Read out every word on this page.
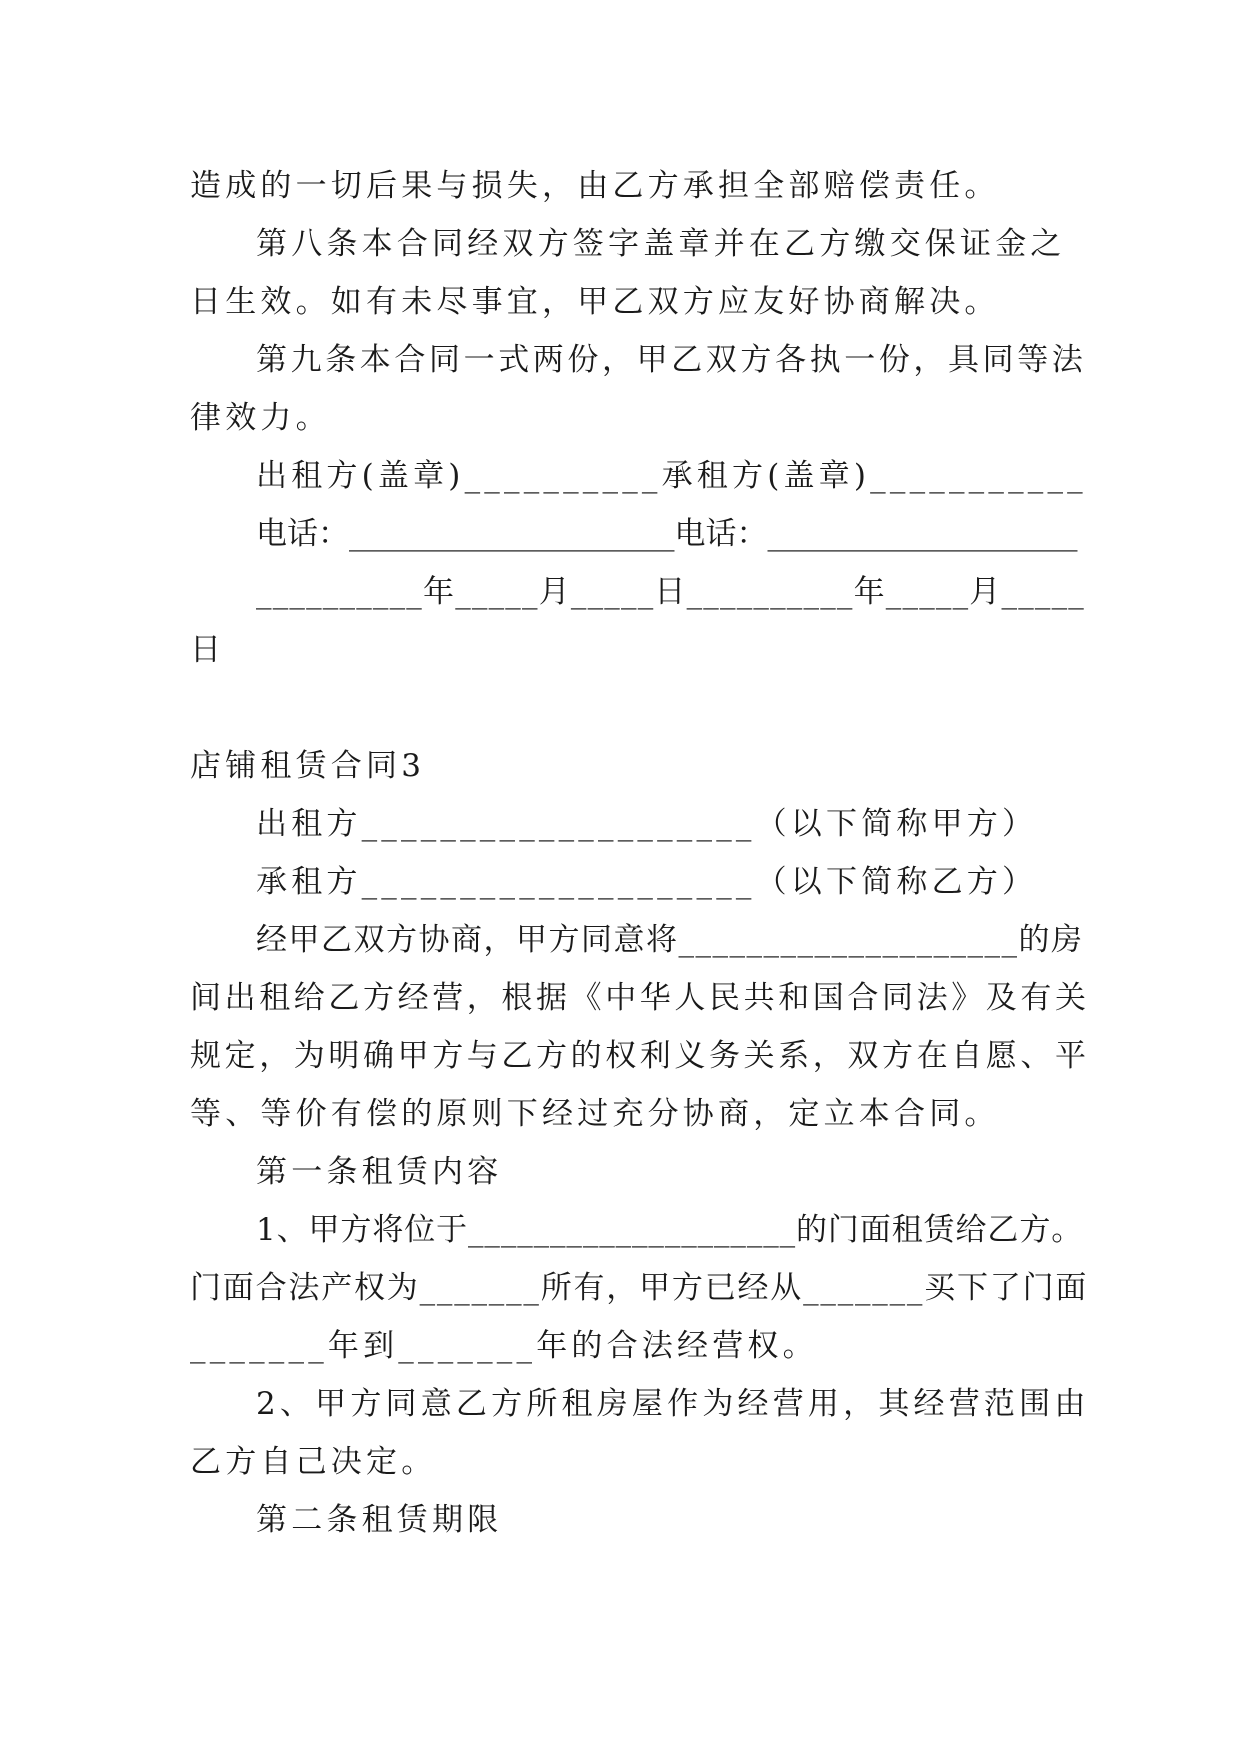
造成的一切后果与损失，由乙方承担全部赔偿责任。
第八条本合同经双方签字盖章并在乙方缴交保证金之
日生效。如有未尽事宜，甲乙双方应友好协商解决。
第九条本合同一式两份，甲乙双方各执一份，具同等法
律效力。
出租方(盖章)__________承租方(盖章)___________
电话：_____________________电话：____________________
__________年_____月_____日__________年_____月_____
日
店铺租赁合同3
出租方____________________（以下简称甲方）
承租方____________________（以下简称乙方）
经甲乙双方协商，甲方同意将____________________的房
间出租给乙方经营，根据《中华人民共和国合同法》及有关
规定，为明确甲方与乙方的权利义务关系，双方在自愿、平
等、等价有偿的原则下经过充分协商，定立本合同。
第一条租赁内容
1、甲方将位于____________________的门面租赁给乙方。
门面合法产权为_______所有，甲方已经从_______买下了门面
_______年到_______年的合法经营权。
2、甲方同意乙方所租房屋作为经营用，其经营范围由
乙方自己决定。
第二条租赁期限
